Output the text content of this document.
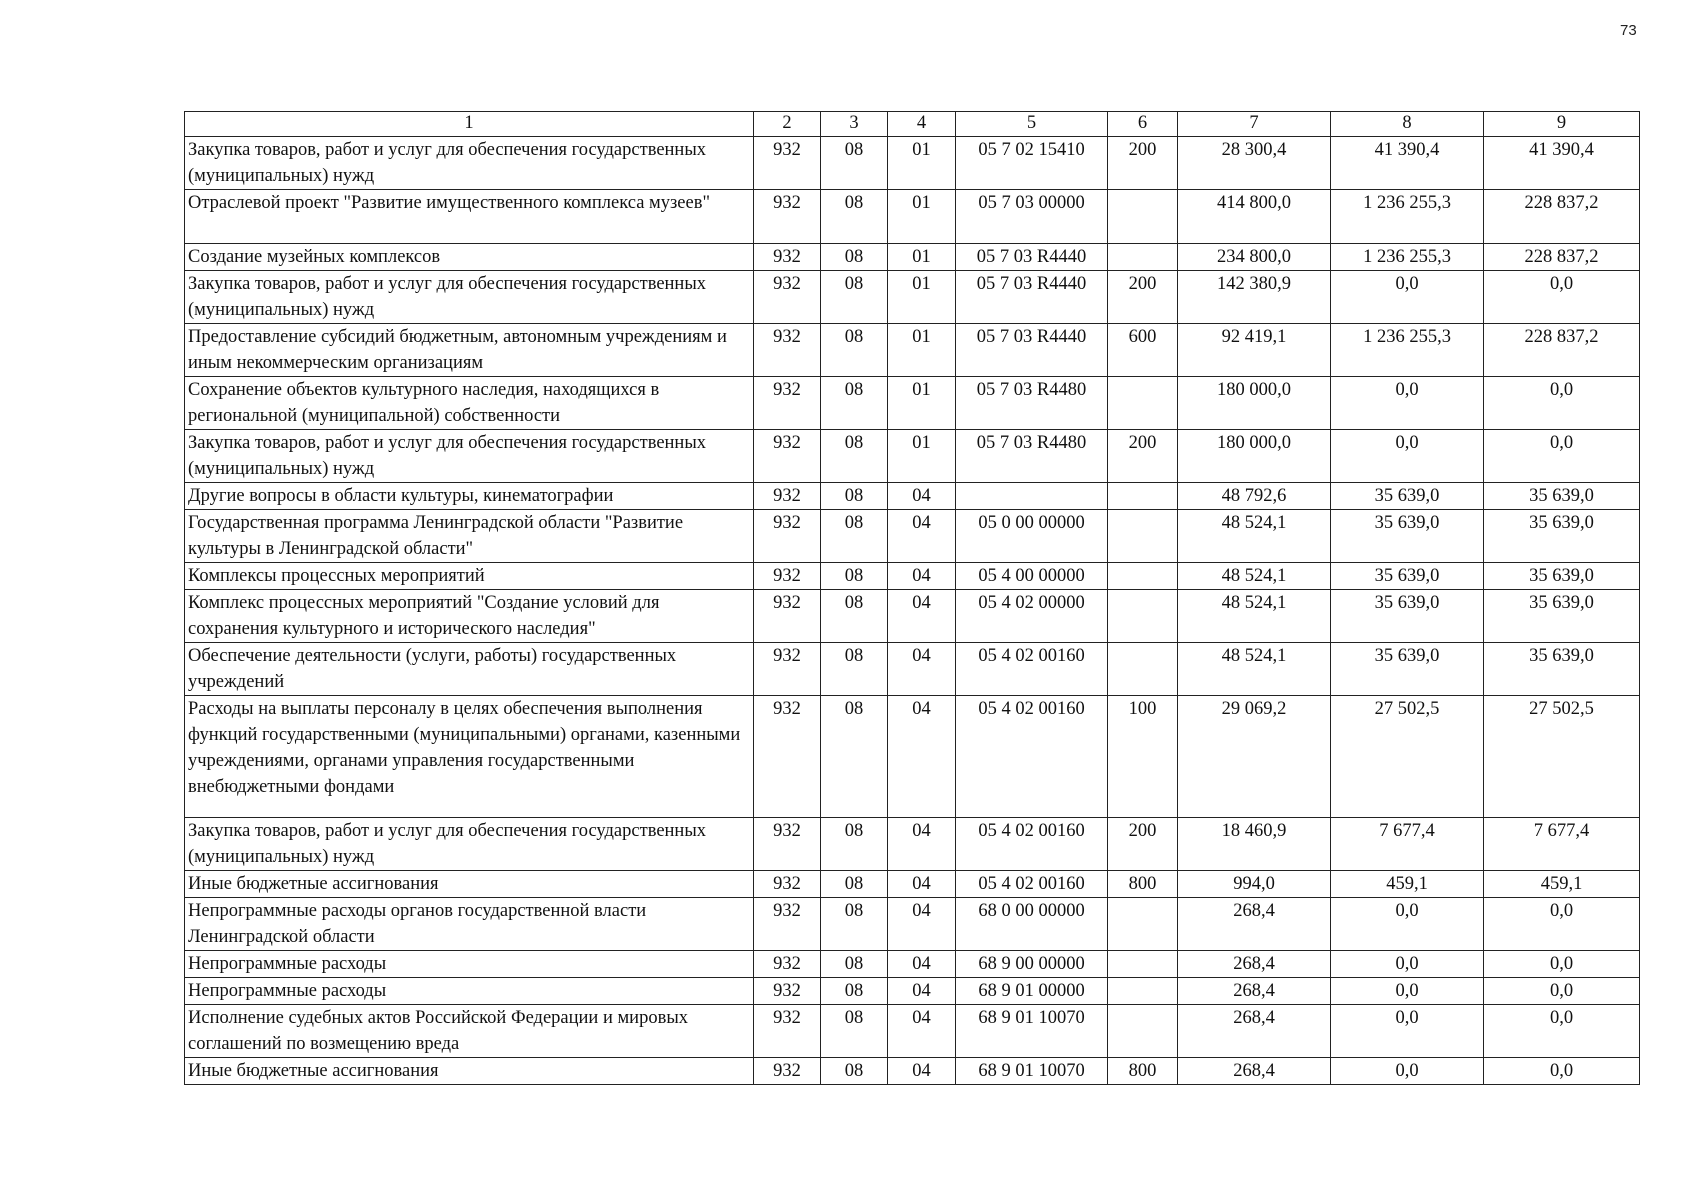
73
1	2	3	4	5	6	7	8	9
Закупка товаров, работ и услуг для обеспечения государственных (муниципальных) нужд	932	08	01	05 7 02 15410	200	28 300,4	41 390,4	41 390,4
Отраслевой проект "Развитие имущественного комплекса музеев"	932	08	01	05 7 03 00000		414 800,0	1 236 255,3	228 837,2
Создание музейных комплексов	932	08	01	05 7 03 R4440		234 800,0	1 236 255,3	228 837,2
Закупка товаров, работ и услуг для обеспечения государственных (муниципальных) нужд	932	08	01	05 7 03 R4440	200	142 380,9	0,0	0,0
Предоставление субсидий бюджетным, автономным учреждениям и иным некоммерческим организациям	932	08	01	05 7 03 R4440	600	92 419,1	1 236 255,3	228 837,2
Сохранение объектов культурного наследия, находящихся в региональной (муниципальной) собственности	932	08	01	05 7 03 R4480		180 000,0	0,0	0,0
Закупка товаров, работ и услуг для обеспечения государственных (муниципальных) нужд	932	08	01	05 7 03 R4480	200	180 000,0	0,0	0,0
Другие вопросы в области культуры, кинематографии	932	08	04			48 792,6	35 639,0	35 639,0
Государственная программа Ленинградской области "Развитие культуры в Ленинградской области"	932	08	04	05 0 00 00000		48 524,1	35 639,0	35 639,0
Комплексы процессных мероприятий	932	08	04	05 4 00 00000		48 524,1	35 639,0	35 639,0
Комплекс процессных мероприятий "Создание условий для сохранения культурного и исторического наследия"	932	08	04	05 4 02 00000		48 524,1	35 639,0	35 639,0
Обеспечение деятельности (услуги, работы) государственных учреждений	932	08	04	05 4 02 00160		48 524,1	35 639,0	35 639,0
Расходы на выплаты персоналу в целях обеспечения выполнения функций государственными (муниципальными) органами, казенными учреждениями, органами управления государственными внебюджетными фондами	932	08	04	05 4 02 00160	100	29 069,2	27 502,5	27 502,5
Закупка товаров, работ и услуг для обеспечения государственных (муниципальных) нужд	932	08	04	05 4 02 00160	200	18 460,9	7 677,4	7 677,4
Иные бюджетные ассигнования	932	08	04	05 4 02 00160	800	994,0	459,1	459,1
Непрограммные расходы органов государственной власти Ленинградской области	932	08	04	68 0 00 00000		268,4	0,0	0,0
Непрограммные расходы	932	08	04	68 9 00 00000		268,4	0,0	0,0
Непрограммные расходы	932	08	04	68 9 01 00000		268,4	0,0	0,0
Исполнение судебных актов Российской Федерации и мировых соглашений по возмещению вреда	932	08	04	68 9 01 10070		268,4	0,0	0,0
Иные бюджетные ассигнования	932	08	04	68 9 01 10070	800	268,4	0,0	0,0
